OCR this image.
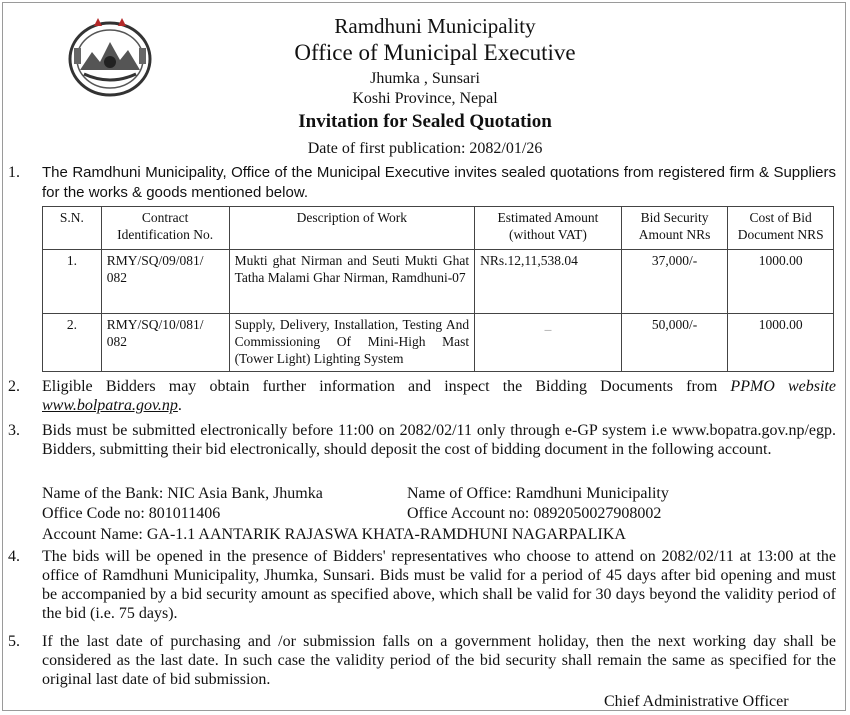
Ramdhuni Municipality
Office of Municipal Executive
Jhumka , Sunsari
Koshi Province, Nepal
Invitation for Sealed Quotation
Date of first publication: 2082/01/26
1. The Ramdhuni Municipality, Office of the Municipal Executive invites sealed quotations from registered firm & Suppliers for the works & goods mentioned below.
S.N.	Contract Identification No.	Description of Work	Estimated Amount (without VAT)	Bid Security Amount NRs	Cost of Bid Document NRS
1.	RMY/SQ/09/081/ 082	Mukti ghat Nirman and Seuti Mukti Ghat Tatha Malami Ghar Nirman, Ramdhuni-07	NRs.12,11,538.04	37,000/-	1000.00
2.	RMY/SQ/10/081/ 082	Supply, Delivery, Installation, Testing And Commissioning Of Mini-High Mast (Tower Light) Lighting System	_	50,000/-	1000.00
2. Eligible Bidders may obtain further information and inspect the Bidding Documents from PPMO website www.bolpatra.gov.np.
3. Bids must be submitted electronically before 11:00 on 2082/02/11 only through e-GP system i.e www.bopatra.gov.np/egp. Bidders, submitting their bid electronically, should deposit the cost of bidding document in the following account.
Name of the Bank: NIC Asia Bank, Jhumka	Name of Office: Ramdhuni Municipality
Office Code no: 801011406	Office Account no: 0892050027908002
Account Name: GA-1.1 AANTARIK RAJASWA KHATA-RAMDHUNI NAGARPALIKA
4. The bids will be opened in the presence of Bidders' representatives who choose to attend on 2082/02/11 at 13:00 at the office of Ramdhuni Municipality, Jhumka, Sunsari. Bids must be valid for a period of 45 days after bid opening and must be accompanied by a bid security amount as specified above, which shall be valid for 30 days beyond the validity period of the bid (i.e. 75 days).
5. If the last date of purchasing and /or submission falls on a government holiday, then the next working day shall be considered as the last date. In such case the validity period of the bid security shall remain the same as specified for the original last date of bid submission.
Chief Administrative Officer
